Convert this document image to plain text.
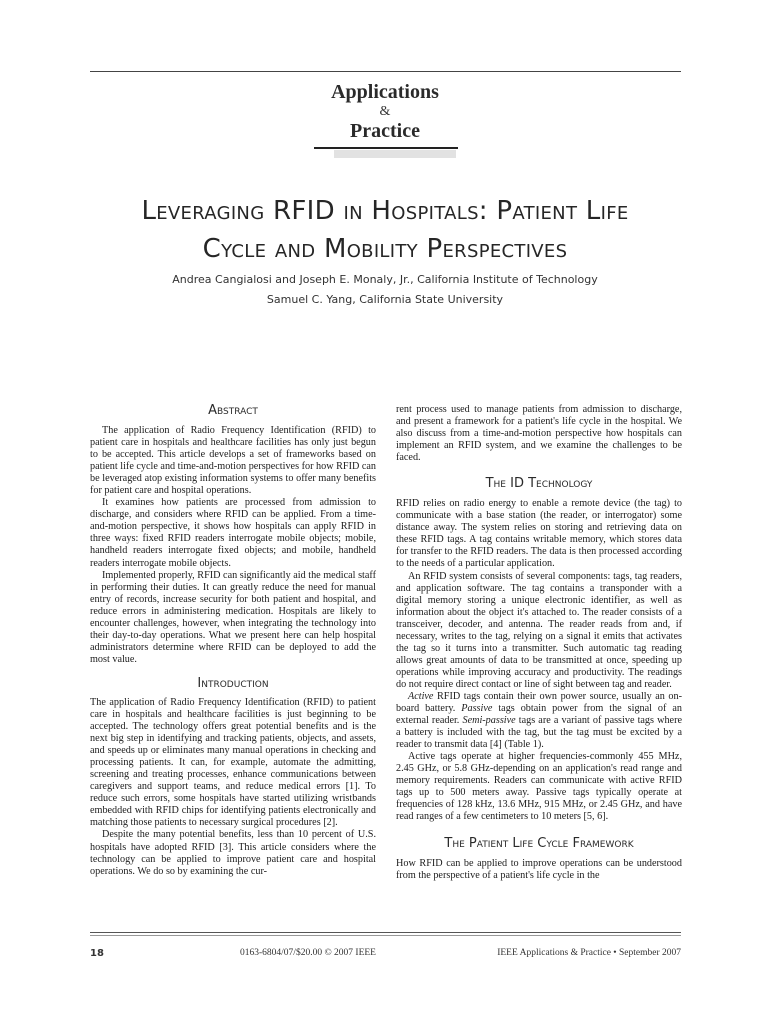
Applications
&
Practice
Leveraging RFID in Hospitals: Patient Life
Cycle and Mobility Perspectives
Andrea Cangialosi and Joseph E. Monaly, Jr., California Institute of Technology
Samuel C. Yang, California State University
Abstract

The application of Radio Frequency Identification (RFID) to patient care in hospitals and healthcare facilities has only just begun to be accepted. This article develops a set of frameworks based on patient life cycle and time-and-motion perspectives for how RFID can be leveraged atop existing information systems to offer many benefits for patient care and hospital operations.

It examines how patients are processed from admission to discharge, and considers where RFID can be applied. From a time-and-motion perspective, it shows how hospitals can apply RFID in three ways: fixed RFID readers interrogate mobile objects; mobile, handheld readers interrogate fixed objects; and mobile, handheld readers interrogate mobile objects.

Implemented properly, RFID can significantly aid the medical staff in performing their duties. It can greatly reduce the need for manual entry of records, increase security for both patient and hospital, and reduce errors in administering medication. Hospitals are likely to encounter challenges, however, when integrating the technology into their day-to-day operations. What we present here can help hospital administrators determine where RFID can be deployed to add the most value.

Introduction

The application of Radio Frequency Identification (RFID) to patient care in hospitals and healthcare facilities is just beginning to be accepted. The technology offers great potential benefits and is the next big step in identifying and tracking patients, objects, and assets, and speeds up or eliminates many manual operations in checking and processing patients. It can, for example, automate the admitting, screening and treating processes, enhance communications between caregivers and support teams, and reduce medical errors [1]. To reduce such errors, some hospitals have started utilizing wristbands embedded with RFID chips for identifying patients electronically and matching those patients to necessary surgical procedures [2].

Despite the many potential benefits, less than 10 percent of U.S. hospitals have adopted RFID [3]. This article considers where the technology can be applied to improve patient care and hospital operations. We do so by examining the cur-

rent process used to manage patients from admission to discharge, and present a framework for a patient's life cycle in the hospital. We also discuss from a time-and-motion perspective how hospitals can implement an RFID system, and we examine the challenges to be faced.

The ID Technology

RFID relies on radio energy to enable a remote device (the tag) to communicate with a base station (the reader, or interrogator) some distance away. The system relies on storing and retrieving data on these RFID tags. A tag contains writable memory, which stores data for transfer to the RFID readers. The data is then processed according to the needs of a particular application.

An RFID system consists of several components: tags, tag readers, and application software. The tag contains a transponder with a digital memory storing a unique electronic identifier, as well as information about the object it's attached to. The reader consists of a transceiver, decoder, and antenna. The reader reads from and, if necessary, writes to the tag, relying on a signal it emits that activates the tag so it turns into a transmitter. Such automatic tag reading allows great amounts of data to be transmitted at once, speeding up operations while improving accuracy and productivity. The readings do not require direct contact or line of sight between tag and reader.

Active RFID tags contain their own power source, usually an on-board battery. Passive tags obtain power from the signal of an external reader. Semi-passive tags are a variant of passive tags where a battery is included with the tag, but the tag must be excited by a reader to transmit data [4] (Table 1).

Active tags operate at higher frequencies-commonly 455 MHz, 2.45 GHz, or 5.8 GHz-depending on an application's read range and memory requirements. Readers can communicate with active RFID tags up to 500 meters away. Passive tags typically operate at frequencies of 128 kHz, 13.6 MHz, 915 MHz, or 2.45 GHz, and have read ranges of a few centimeters to 10 meters [5, 6].

The Patient Life Cycle Framework

How RFID can be applied to improve operations can be understood from the perspective of a patient's life cycle in the

18	0163-6804/07/$20.00 © 2007 IEEE	IEEE Applications & Practice • September 2007
